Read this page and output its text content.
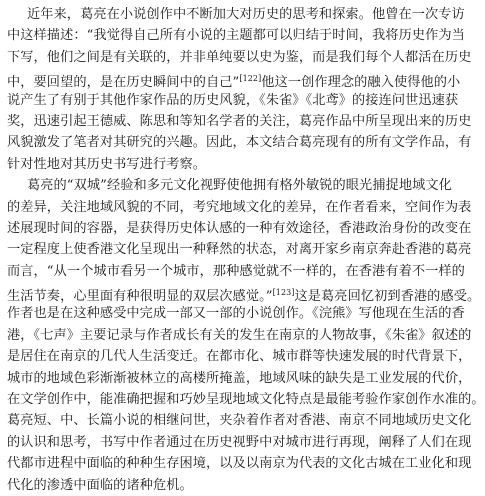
近年来，葛亮在小说创作中不断加大对历史的思考和探索。他曾在一次专访
中这样描述：“我觉得自己所有小说的主题都可以归结于时间，我将历史作为当
下写，他们之间是有关联的，并非单纯要以史为鉴，而是我们每个人都活在历史
中，要回望的，是在历史瞬间中的自己”[122]他这一创作理念的融入使得他的小
说产生了有别于其他作家作品的历史风貌，《朱雀》《北鸢》的接连问世迅速获
奖，迅速引起王德威、陈思和等知名学者的关注，葛亮作品中所呈现出来的历史
风貌激发了笔者对其研究的兴趣。因此，本文结合葛亮现有的所有文学作品，有
针对性地对其历史书写进行考察。
葛亮的“双城”经验和多元文化视野使他拥有格外敏锐的眼光捕捉地域文化
的差异，关注地域风貌的不同，考究地域文化的差异，在作者看来，空间作为表
述展现时间的容器，是获得历史体认感的一种有效途径，香港政治身份的改变在
一定程度上使香港文化呈现出一种释然的状态，对离开家乡南京奔赴香港的葛亮
而言，“从一个城市看另一个城市，那种感觉就不一样的，在香港有着不一样的
生活节奏，心里面有种很明显的双层次感觉。”[123]这是葛亮回忆初到香港的感受。
作者也是在这种感受中完成一部又一部的小说创作。《浣熊》写他现在生活的香
港，《七声》主要记录与作者成长有关的发生在南京的人物故事，《朱雀》叙述的
是居住在南京的几代人生活变迁。在都市化、城市群等快速发展的时代背景下，
城市的地域色彩渐渐被林立的高楼所掩盖，地域风味的缺失是工业发展的代价，
在文学创作中，能准确把握和巧妙呈现地域文化特点是最能考验作家创作水准的。
葛亮短、中、长篇小说的相继问世，夹杂着作者对香港、南京不同地域历史文化
的认识和思考，书写中作者通过在历史视野中对城市进行再现，阐释了人们在现
代都市进程中面临的种种生存困境，以及以南京为代表的文化古城在工业化和现
代化的渗透中面临的诸种危机。
